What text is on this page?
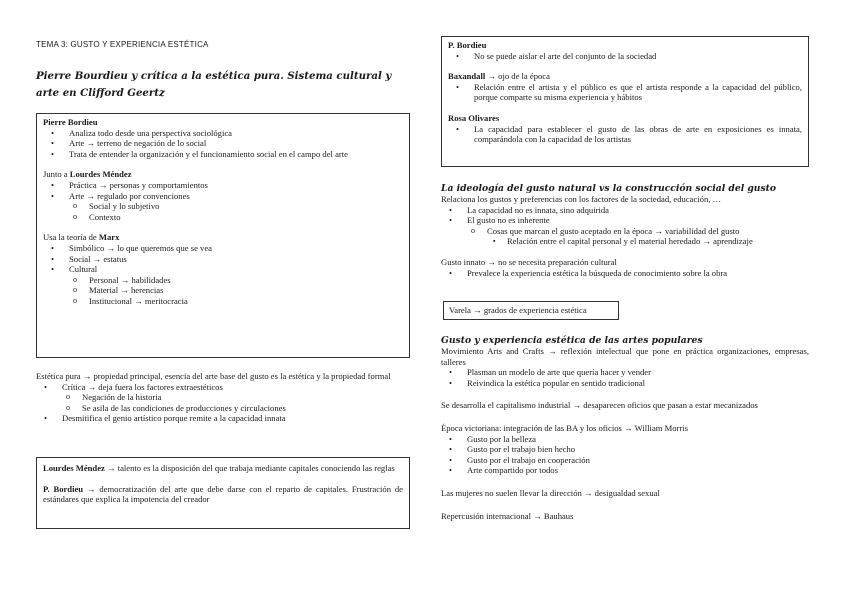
TEMA 3: GUSTO Y EXPERIENCIA ESTÉTICA
Pierre Bourdieu y crítica a la estética pura. Sistema cultural y arte en Clifford Geertz
Pierre Bordieu
• Analiza todo desde una perspectiva sociológica
• Arte → terreno de negación de lo social
• Trata de entender la organización y el funcionamiento social en el campo del arte
Junto a Lourdes Méndez
• Práctica → personas y comportamientos
• Arte → regulado por convenciones
o Social y lo subjetivo
o Contexto
Usa la teoría de Marx
• Simbólico → lo que queremos que se vea
• Social → estatus
• Cultural
o Personal → habilidades
o Material → herencias
o Institucional → meritocracia
Estética pura → propiedad principal, esencia del arte base del gusto es la estética y la propiedad formal
• Crítica → deja fuera los factores extraestéticos
o Negación de la historia
o Se asila de las condiciones de producciones y circulaciones
• Desmitifica el genio artístico porque remite a la capacidad innata
Lourdes Méndez → talento es la disposición del que trabaja mediante capitales conociendo las reglas
P. Bordieu → democratización del arte que debe darse con el reparto de capitales. Frustración de estándares que explica la impotencia del creador
P. Bordieu
• No se puede aislar el arte del conjunto de la sociedad
Baxandall → ojo de la época
• Relación entre el artista y el público es que el artista responde a la capacidad del público, porque comparte su misma experiencia y hábitos
Rosa Olivares
• La capacidad para establecer el gusto de las obras de arte en exposiciones es innata, comparándola con la capacidad de los artistas
La ideología del gusto natural vs la construcción social del gusto
Relaciona los gustos y preferencias con los factores de la sociedad, educación, …
• La capacidad no es innata, sino adquirida
• El gusto no es inherente
o Cosas que marcan el gusto aceptado en la época → variabilidad del gusto
▪ Relación entre el capital personal y el material heredado → aprendizaje
Gusto innato → no se necesita preparación cultural
• Prevalece la experiencia estética la búsqueda de conocimiento sobre la obra
Varela → grados de experiencia estética
Gusto y experiencia estética de las artes populares
Movimiento Arts and Crafts → reflexión intelectual que pone en práctica organizaciones, empresas, talleres
• Plasman un modelo de arte que quería hacer y vender
• Reivindica la estética popular en sentido tradicional
Se desarrolla el capitalismo industrial → desaparecen oficios que pasan a estar mecanizados
Época victoriana: integración de las BA y los oficios → William Morris
• Gusto por la belleza
• Gusto por el trabajo bien hecho
• Gusto por el trabajo en cooperación
• Arte compartido por todos
Las mujeres no suelen llevar la dirección → desigualdad sexual
Repercusión internacional → Bauhaus
